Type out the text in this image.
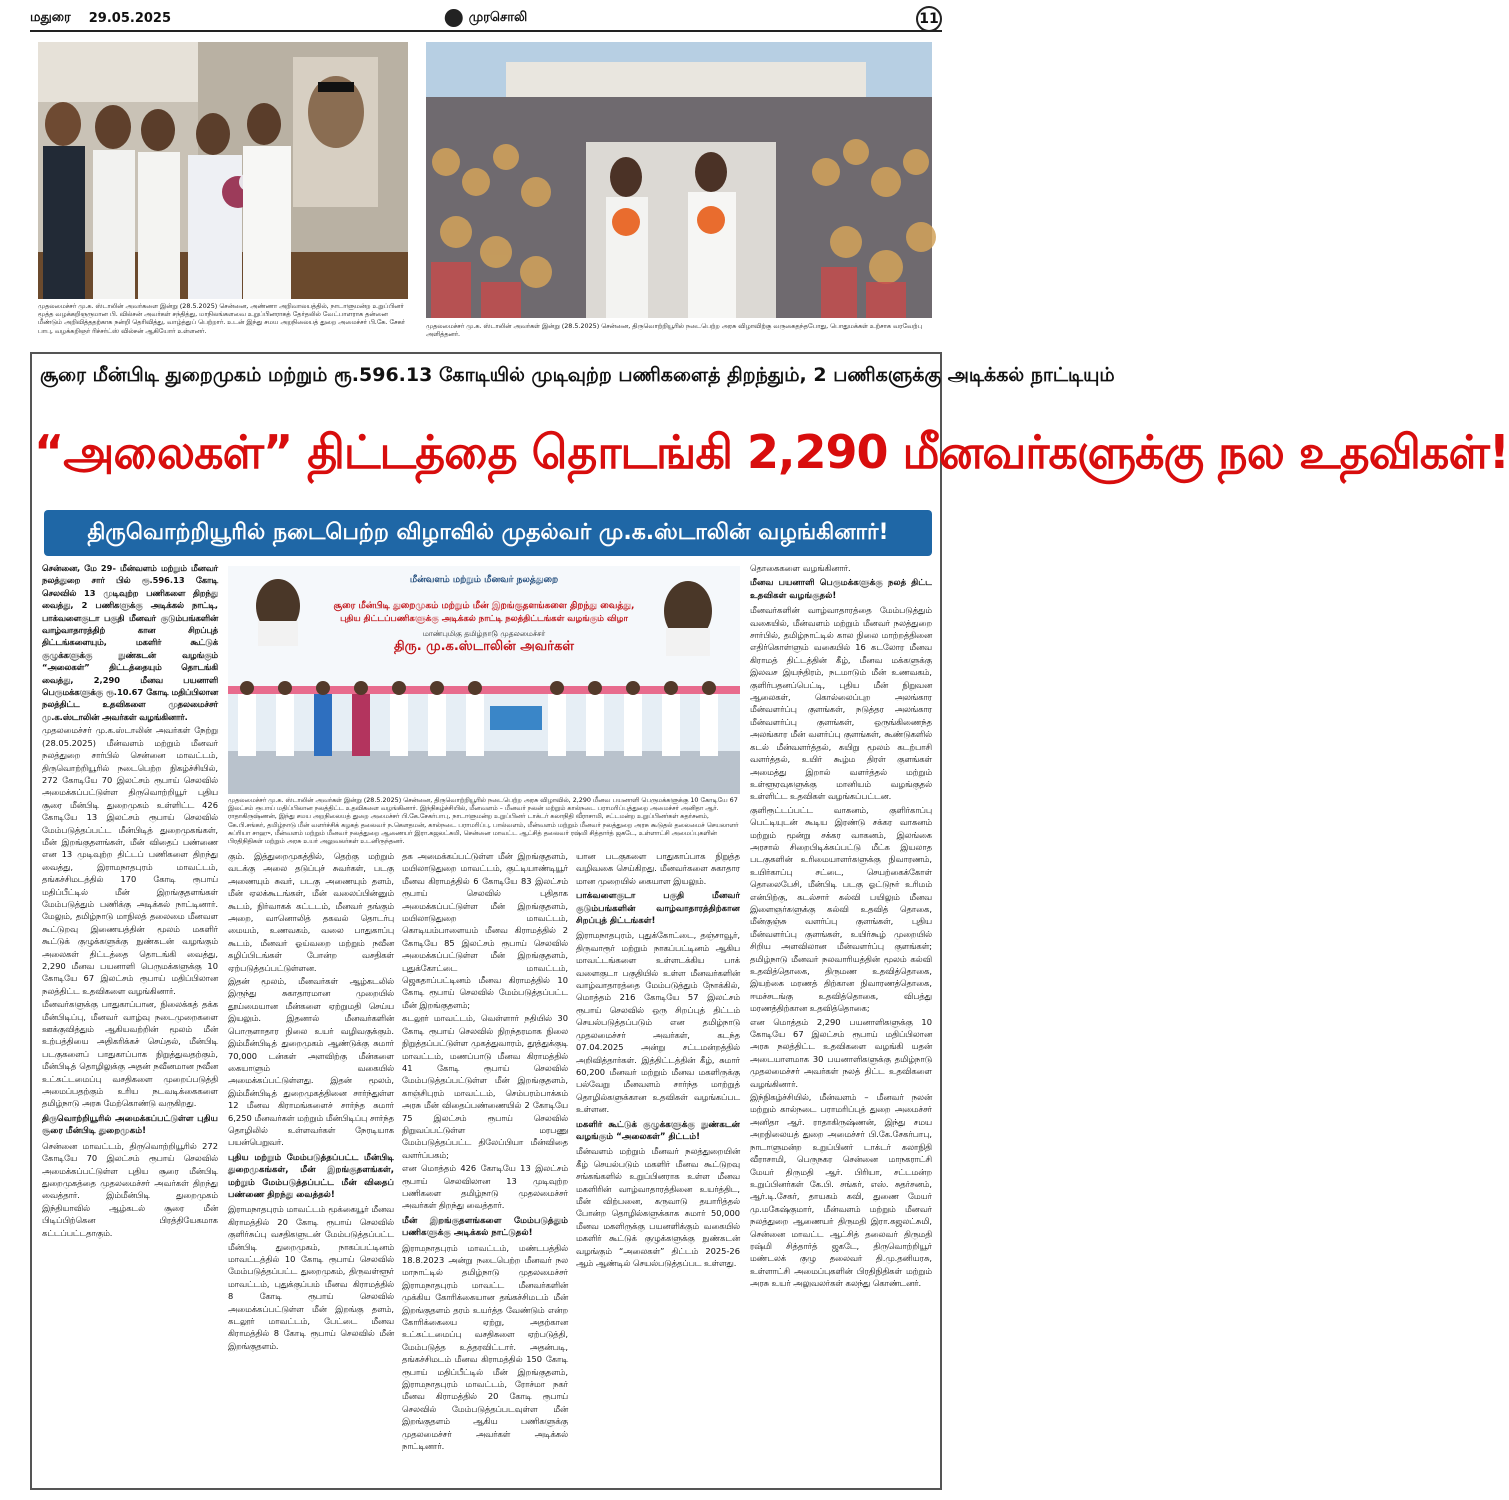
மதுரை 29.05.2025	முரசொலி	11
முதலமைச்சர் மு.க. ஸ்டாலின் அவர்களை இன்று (28.5.2025) சென்னை, அண்ணா அறிவாலயத்தில், நாடாளுமன்ற உறுப்பினர் மூத்த வழக்கறிஞருமான பி. வில்சன் அவர்கள் சந்தித்து, மாநிலங்களவை உறுப்பினராகத் தேர்தலில் வேட்பாளராக தன்னை மீண்டும் அறிவித்ததற்காக நன்றி தெரிவித்து, வாழ்த்துப் பெற்றார். உடன் இந்து சமய அறநிலையத் துறை அமைச்சர் பி.கே. சேகர் பாபு, வழக்கறிஞர் ரிச்சர்ட்ஸ் வில்சன் ஆகியோர் உள்ளனர்.
முதலமைச்சர் மு.க. ஸ்டாலின் அவர்கள் இன்று (28.5.2025) சென்னை, திருவொற்றியூரில் நடைபெற்ற அரசு விழாவிற்கு வருகைதந்தபோது, பொதுமக்கள் உற்சாக வரவேற்பு அளித்தனர்.
சூரை மீன்பிடி துறைமுகம் மற்றும் ரூ.596.13 கோடியில் முடிவுற்ற பணிகளைத் திறந்தும், 2 பணிகளுக்கு அடிக்கல் நாட்டியும்
“அலைகள்” திட்டத்தை தொடங்கி 2,290 மீனவர்களுக்கு நல உதவிகள்!
திருவொற்றியூரில் நடைபெற்ற விழாவில் முதல்வர் மு.க.ஸ்டாலின் வழங்கினார்!
மீன்வளம் மற்றும் மீனவர் நலத்துறை
சூரை மீன்பிடி துறைமுகம் மற்றும் மீன் இறங்குதளங்களை திறந்து வைத்து,
புதிய திட்டப்பணிகளுக்கு அடிக்கல் நாட்டி நலத்திட்டங்கள் வழங்கும் விழா
மாண்புமிகு தமிழ்நாடு முதலமைச்சர்
திரு. மு.க.ஸ்டாலின் அவர்கள்
முதலமைச்சர் மு.க. ஸ்டாலின் அவர்கள் இன்று (28.5.2025) சென்னை, திருவொற்றியூரில் நடைபெற்ற அரசு விழாவில், 2,290 மீனவ பயனாளி பெருமக்களுக்கு 10 கோடியே 67 இலட்சம் ரூபாய் மதிப்பிலான நலத்திட்ட உதவிகளை வழங்கினார். இந்நிகழ்ச்சியில், மீனவளம் – மீனவர் நலன் மற்றும் கால்நடை பராமரிப்புத்துறை அமைச்சர் அனிதா ஆர். ராதாகிருஷ்ணன், இந்து சமய அறநிலையத் துறை அமைச்சர் பி.கே.சேகர்பாபு, நாடாளுமன்ற உறுப்பினர் டாக்டர் கலாநிதி வீராசாமி, சட்டமன்ற உறுப்பினர்கள் சுதர்சனம், கே.பி.சங்கர், தமிழ்நாடு மீன் வளர்ச்சிக் கழகத் தலைவர் ந.கௌதமன், கால்நடை பராமரிப்பு, பால்வளம், மீன்வளம் மற்றும் மீனவர் நலத்துறை அரசு கூடுதல் தலைமைச் செயலாளர் சுப்ரியா சாஹு, மீன்வளம் மற்றும் மீனவர் நலத்துறை ஆணையர் இரா.கஜலட்சுமி, சென்னை மாவட்ட ஆட்சித் தலைவர் ரஷ்மி சித்தார்த் ஜகடே, உள்ளாட்சி அமைப்புகளின் பிரதிநிதிகள் மற்றும் அரசு உயர் அலுவலர்கள் உடனிருந்தனர்.

சென்னை, மே 29- மீன்வளம் மற்றும் மீனவர் நலத்துறை சார் பில் ரூ.596.13 கோடி செலவில் 13 முடிவுற்ற பணிகளை திறந்து வைத்து, 2 பணிகளுக்கு அடிக்கல் நாட்டி, பாக்வளைகுடா பகுதி மீனவர் குடும்பங்களின் வாழ்வாதாரத்திற் கான சிறப்புத் திட்டங்களையும், மகளிர் கூட்டுக் குழுக்களுக்கு நுண்கடன் வழங்கும் “அலைகள்” திட்டத்தையும் தொடங்கி வைத்து, 2,290 மீனவ பயனாளி பெருமக்களுக்கு ரூ.10.67 கோடி மதிப்பிலான நலத்திட்ட உதவிகளை முதலமைச்சர் மு.க.ஸ்டாலின் அவர்கள் வழங்கினார்.

முதலமைச்சர் மு.க.ஸ்டாலின் அவர்கள் நேற்று (28.05.2025) மீன்வளம் மற்றும் மீனவர் நலத்துறை சார்பில் சென்னை மாவட்டம், திருவொற்றியூரில் நடைபெற்ற நிகழ்ச்சியில், 272 கோடியே 70 இலட்சம் ரூபாய் செலவில் அமைக்கப்பட்டுள்ள திருவொற்றியூர் புதிய சூரை மீன்பிடி துறைமுகம் உள்ளிட்ட 426 கோடியே 13 இலட்சம் ரூபாய் செலவில் மேம்படுத்தப்பட்ட மீன்பிடித் துறைமுகங்கள், மீன் இறங்குதளங்கள், மீன் விதைப் பண்ணை என 13 முடிவுற்ற திட்டப் பணிகளை திறந்து வைத்து, இராமநாதபுரம் மாவட்டம், தங்கச்சிமடத்தில் 170 கோடி ரூபாய் மதிப்பீட்டில் மீன் இறங்குதளங்கள் மேம்படுத்தும் பணிக்கு அடிக்கல் நாட்டினார். மேலும், தமிழ்நாடு மாநிலத் தலைமை மீனவள கூட்டுறவு இணையத்தின் மூலம் மகளிர் கூட்டுக் குழுக்களுக்கு நுண்கடன் வழங்கும் அலைகள் திட்டத்தை தொடங்கி வைத்து, 2,290 மீனவ பயனாளி பெருமக்களுக்கு 10 கோடியே 67 இலட்சம் ரூபாய் மதிப்பிலான நலத்திட்ட உதவிகளை வழங்கினார்.

மீனவர்களுக்கு பாதுகாப்பான, நிலைக்கத் தக்க மீன்பிடிப்பு, மீனவர் வாழ்வு நடைமுறைகளை ஊக்குவித்தும் ஆகியவற்றின் மூலம் மீன் உற்பத்தியை அதிகரிக்கச் செய்தல், மீன்பிடி படகுகளைப் பாதுகாப்பாக நிறுத்துவதற்கும், மீன்பிடித் தொழிலுக்கு அதன் நவீனமான நவீன உட்கட்டமைப்பு வசதிகளை முறைப்படுத்தி அமைப்பதற்கும் உரிய நடவடிக்கைகளை தமிழ்நாடு அரசு மேற்கொண்டு வருகிறது.

திருவொற்றியூரில் அமைக்கப்பட்டுள்ள புதிய சூரை மீன்பிடி துறைமுகம்!

சென்னை மாவட்டம், திருவொற்றியூரில் 272 கோடியே 70 இலட்சம் ரூபாய் செலவில் அமைக்கப்பட்டுள்ள புதிய சூரை மீன்பிடி துறைமுகத்தை முதலமைச்சர் அவர்கள் திறந்து வைத்தார். இம்மீன்பிடி துறைமுகம் இந்தியாவில் ஆழ்கடல் சூரை மீன் பிடிப்பிற்கென பிரத்தியேகமாக கட்டப்பட்டதாகும்.

கும். இத்துறைமுகத்தில், தெற்கு மற்றும் வடக்கு அலை தடுப்புச் சுவர்கள், படகு அணையும் சுவர், படகு அணையும் தளம், மீன் ஏலக்கூடங்கள், மீன் வலைப்பின்னும் கூடம், நிர்வாகக் கட்டடம், மீனவர் தங்கும் அறை, வானொலித் தகவல் தொடர்பு மையம், உணவகம், வலை பாதுகாப்பு கூடம், மீனவர் ஓய்வறை மற்றும் நவீன கழிப்பிடங்கள் போன்ற வசதிகள் ஏற்படுத்தப்பட்டுள்ளன.

இதன் மூலம், மீனவர்கள் ஆழ்கடலில் இருந்து சுகாதாரமான முறையில் தூய்மையான மீன்களை ஏற்றுமதி செய்ய இயலும். இதனால் மீனவர்களின் பொருளாதார நிலை உயர் வழிவகுக்கும். இம்மீன்பிடித் துறைமுகம் ஆண்டுக்கு சுமார் 70,000 டன்கள் அளவிற்கு மீன்களை கையாளும் வகையில் அமைக்கப்பட்டுள்ளது. இதன் மூலம், இம்மீன்பிடித் துறைமுகத்தினை சார்ந்துள்ள 12 மீனவ கிராமங்களைச் சார்ந்த சுமார் 6,250 மீனவர்கள் மற்றும் மீன்பிடிப்பு சார்ந்த தொழிலில் உள்ளவர்கள் நேரடியாக பயன்பெறுவர்.

புதிய மற்றும் மேம்படுத்தப்பட்ட மீன்பிடி துறைமுகங்கள், மீன் இறங்குதளங்கள், மற்றும் மேம்படுத்தப்பட்ட மீன் விதைப் பண்ணை திறந்து வைத்தல்!

இராமநாதபுரம் மாவட்டம் மூக்கையூர் மீனவ கிராமத்தில் 20 கோடி ரூபாய் செலவில் குளிர்சுப்பு வசதிகளுடன் மேம்படுத்தப்பட்ட மீன்பிடி துறைமுகம், நாகப்பட்டினம் மாவட்டத்தில் 10 கோடி ரூபாய் செலவில் மேம்படுத்தப்பட்ட துறைமுகம், திருவள்ளூர் மாவட்டம், புதுக்குப்பம் மீனவ கிராமத்தில் 8 கோடி ரூபாய் செலவில் அமைக்கப்பட்டுள்ள மீன் இறங்கு தளம், கடலூர் மாவட்டம், பேட்டை மீனவ கிராமத்தில் 8 கோடி ரூபாய் செலவில் மீன் இறங்குதளம்.

தக அமைக்கப்பட்டுள்ள மீன் இறங்குதளம், மயிலாடுதுறை மாவட்டம், குட்டியாண்டியூர் மீனவ கிராமத்தில் 6 கோடியே 83 இலட்சம் ரூபாய் செலவில் புதிதாக அமைக்கப்பட்டுள்ள மீன் இறங்குதளம், மயிலாடுதுறை மாவட்டம், கொடியம்பாளையம் மீனவ கிராமத்தில் 2 கோடியே 85 இலட்சம் ரூபாய் செலவில் அமைக்கப்பட்டுள்ள மீன் இறங்குதளம், புதுக்கோட்டை மாவட்டம், ஜெகதாப்பட்டினம் மீனவ கிராமத்தில் 10 கோடி ரூபாய் செலவில் மேம்படுத்தப்பட்ட மீன் இறங்குதளம்;

கடலூர் மாவட்டம், வெள்ளார் நதியில் 30 கோடி ரூபாய் செலவில் நிறந்தரமாக நிலை நிறுத்தப்பட்டுள்ள முகத்துவாரம், தூத்துக்குடி மாவட்டம், மணப்பாடு மீனவ கிராமத்தில் 41 கோடி ரூபாய் செலவில் மேம்படுத்தப்பட்டுள்ள மீன் இறங்குதளம், காஞ்சிபுரம் மாவட்டம், செம்பரம்பாக்கம் அரசு மீன் விதைப்பண்ணையில் 2 கோடியே 75 இலட்சம் ரூபாய் செலவில் நிறுவப்பட்டுள்ள மரபணு மேம்படுத்தப்பட்ட திலேப்பியா மீன்விதை வளர்ப்பகம்;

என மொத்தம் 426 கோடியே 13 இலட்சம் ரூபாய் செலவிலான 13 முடிவுற்ற பணிகளை தமிழ்நாடு முதலமைச்சர் அவர்கள் திறந்து வைத்தார்.

மீன் இறங்குதளங்களை மேம்படுத்தும் பணிகளுக்கு அடிக்கல் நாட்டுதல்!

இராமநாதபுரம் மாவட்டம், மண்டபத்தில் 18.8.2023 அன்று நடைபெற்ற மீனவர் நல மாநாட்டில் தமிழ்நாடு முதலமைச்சர் இராமநாதபுரம் மாவட்ட மீனவர்களின் முக்கிய கோரிக்கையான தங்கச்சிமடம் மீன் இறங்குதளம் தரம் உயர்த்த வேண்டும் என்ற கோரிக்கையை ஏற்று, அதற்கான உட்கட்டமைப்பு வசதிகளை ஏற்படுத்தி, மேம்படுத்த உத்தரவிட்டார். அதன்படி, தங்கச்சிமடம் மீனவ கிராமத்தில் 150 கோடி ரூபாய் மதிப்பீட்டில் மீன் இறங்குதளம், இராமநாதபுரம் மாவட்டம், ரோச்மா நகர் மீனவ கிராமத்தில் 20 கோடி ரூபாய் செலவில் மேம்படுத்தப்படவுள்ள மீன் இறங்குதளம் ஆகிய பணிகளுக்கு முதலமைச்சர் அவர்கள் அடிக்கல் நாட்டினார்.

யான படகுகளை பாதுகாப்பாக நிறுத்த வழிவகை செய்கிறது. மீனவர்களை சுகாதார மான முறையில் கையாள இயலும்.

பாக்வளைகுடா பகுதி மீனவர் குடும்பங்களின் வாழ்வாதாரத்திற்கான சிறப்புத் திட்டங்கள்!

இராமநாதபுரம், புதுக்கோட்டை, தஞ்சாவூர், திருவாரூர் மற்றும் நாகப்பட்டினம் ஆகிய மாவட்டங்களை உள்ளடக்கிய பாக் வளைகுடா பகுதியில் உள்ள மீனவர்களின் வாழ்வாதாரத்தை மேம்படுத்தும் நோக்கில், மொத்தம் 216 கோடியே 57 இலட்சம் ரூபாய் செலவில் ஒரு சிறப்புத் திட்டம் செயல்படுத்தப்படும் என தமிழ்நாடு முதலமைச்சர் அவர்கள், கடந்த 07.04.2025 அன்று சட்டமன்றத்தில் அறிவித்தார்கள். இத்திட்டத்தின் கீழ், சுமார் 60,200 மீனவர் மற்றும் மீனவ மகளிருக்கு பல்வேறு மீனவளம் சார்ந்த மாற்றுத் தொழில்களுக்கான உதவிகள் வழங்கப்பட உள்ளன.

மகளிர் கூட்டுக் குழுக்களுக்கு நுண்கடன் வழங்கும் “அலைகள்” திட்டம்!

மீன்வளம் மற்றும் மீனவர் நலத்துறையின் கீழ் செயல்படும் மகளிர் மீனவ கூட்டுறவு சங்கங்களில் உறுப்பினராக உள்ள மீனவ மகளிரின் வாழ்வாதாரத்தினை உயர்த்திட, மீன் விற்பனை, கருவாடு தயாரித்தல் போன்ற தொழில்களுக்காக சுமார் 50,000 மீனவ மகளிருக்கு பயனளிக்கும் வகையில் மகளிர் கூட்டுக் குழுக்களுக்கு நுண்கடன் வழங்கும் “அலைகள்” திட்டம் 2025-26 ஆம் ஆண்டில் செயல்படுத்தப்பட உள்ளது.

தொகைகளை வழங்கினார்.

மீனவ பயனாளி பெருமக்களுக்கு நலத் திட்ட உதவிகள் வழங்குதல்!

மீனவர்களின் வாழ்வாதாரத்தை மேம்படுத்தும் வகையில், மீன்வளம் மற்றும் மீனவர் நலத்துறை சார்பில், தமிழ்நாட்டில் கால நிலை மாற்றத்தினை எதிர்கொள்ளும் வகையில் 16 கடலோர மீனவ கிராமத் திட்டத்தின் கீழ், மீனவ மக்களுக்கு இலவச இயந்திரம், நடமாடும் மீன் உணவகம், குளிர்பதனப்பெட்டி, புதிய மீன் நிறுவன ஆலைகள், கொல்லைப்புற அலங்கார மீன்வளர்ப்பு குளங்கள், நடுத்தர அலங்கார மீன்வளர்ப்பு குளங்கள், ஒருங்கிணைந்த அலங்கார மீன் வளர்ப்பு குளங்கள், கூண்டுகளில் கடல் மீன்வளர்த்தல், கயிறு மூலம் கடற்பாசி வளர்த்தல், உயிர் கூழ்ம திரள் குளங்கள் அமைத்து இறால் வளர்த்தல் மற்றும் உள்ளூரவுகளுக்கு மானியம் வழங்குதல் உள்ளிட்ட உதவிகள் வழங்கப்பட்டன.

குளிரூட்டப்பட்ட வாகனம், குளிர்காப்பு பெட்டியுடன் கூடிய இரண்டு சக்கர வாகனம் மற்றும் மூன்று சக்கர வாகனம், இலங்கை அரசால் சிறைபிடிக்கப்பட்டு மீட்க இயலாத படகுகளின் உரிமையாளர்களுக்கு நிவாரணம், உயிர்காப்பு சட்டை, செயற்கைக்கோள் தொலைபேசி, மீன்பிடி படகு ஓட்டுநர் உரிமம் என்பிற்கு, கடல்சார் கல்வி பயிலும் மீனவ இளைஞர்களுக்கு கல்வி உதவித் தொகை, மீன்குஞ்சு வளர்ப்பு குளங்கள், புதிய மீன்வளர்ப்பு குளங்கள், உயிர்கூழ் முறையில் சிறிய அளவிலான மீன்வளர்ப்பு குளங்கள்; தமிழ்நாடு மீனவர் நலவாரியத்தின் மூலம் கல்வி உதவித்தொகை, திருமண உதவித்தொகை, இயற்கை மரணத் திற்கான நிவாரணத்தொகை, ஈமச்சடங்கு உதவித்தொகை, விபத்து மரணத்திற்கான உதவித்தொகை;

என மொத்தம் 2,290 பயனாளிகளுக்கு 10 கோடியே 67 இலட்சம் ரூபாய் மதிப்பிலான அரசு நலத்திட்ட உதவிகளை வழங்கி யதன் அடையாளமாக 30 பயனாளிகளுக்கு தமிழ்நாடு முதலமைச்சர் அவர்கள் நலத் திட்ட உதவிகளை வழங்கினார்.

இந்நிகழ்ச்சியில், மீன்வளம் – மீனவர் நலன் மற்றும் கால்நடை பராமரிப்புத் துறை அமைச்சர் அனிதா ஆர். ராதாகிருஷ்ணன், இந்து சமய அறநிலையத் துறை அமைச்சர் பி.கே.சேகர்பாபு, நாடாளுமன்ற உறுப்பினர் டாக்டர் கலாநிதி வீராசாமி, பெருநகர சென்னை மாநகராட்சி மேயர் திருமதி ஆர். பிரியா, சட்டமன்ற உறுப்பினர்கள் கே.பி. சங்கர், எஸ். சுதர்சனம், ஆர்.டி.சேகர், தாயகம் கவி, துணை மேயர் மு.மகேஷ்குமார், மீன்வளம் மற்றும் மீனவர் நலத்துறை ஆணையர் திருமதி இரா.கஜலட்சுமி, சென்னை மாவட்ட ஆட்சித் தலைவர் திருமதி ரஷ்மி சித்தார்த் ஜகடே, திருவொற்றியூர் மண்டலக் குழு தலைவர் தி.மு.தனியரசு, உள்ளாட்சி அமைப்புகளின் பிரதிநிதிகள் மற்றும் அரசு உயர் அலுவலர்கள் கலந்து கொண்டனர்.
